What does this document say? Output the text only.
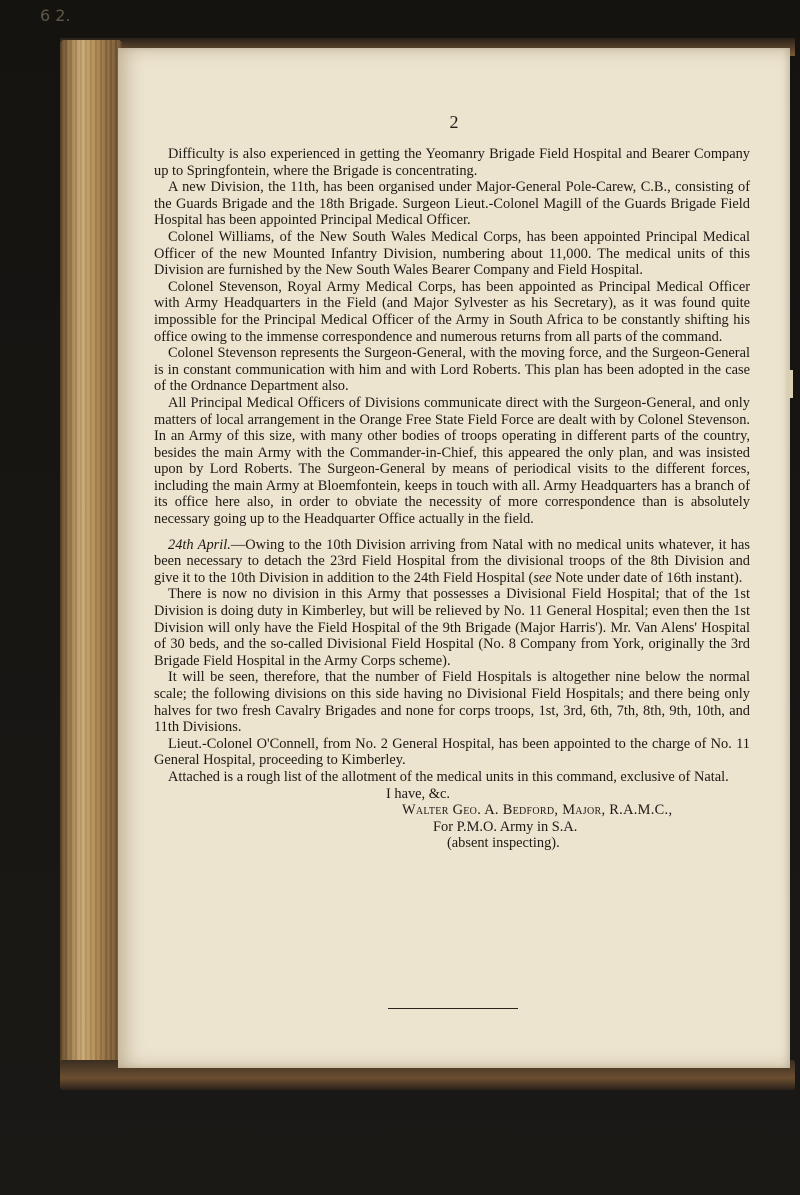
6 2.
2

Difficulty is also experienced in getting the Yeomanry Brigade Field Hospital and Bearer Company up to Springfontein, where the Brigade is concentrating.

A new Division, the 11th, has been organised under Major-General Pole-Carew, C.B., consisting of the Guards Brigade and the 18th Brigade. Surgeon Lieut.-Colonel Magill of the Guards Brigade Field Hospital has been appointed Principal Medical Officer.

Colonel Williams, of the New South Wales Medical Corps, has been appointed Principal Medical Officer of the new Mounted Infantry Division, numbering about 11,000. The medical units of this Division are furnished by the New South Wales Bearer Company and Field Hospital.

Colonel Stevenson, Royal Army Medical Corps, has been appointed as Principal Medical Officer with Army Headquarters in the Field (and Major Sylvester as his Secretary), as it was found quite impossible for the Principal Medical Officer of the Army in South Africa to be constantly shifting his office owing to the immense correspondence and numerous returns from all parts of the command.

Colonel Stevenson represents the Surgeon-General, with the moving force, and the Surgeon-General is in constant communication with him and with Lord Roberts. This plan has been adopted in the case of the Ordnance Department also.

All Principal Medical Officers of Divisions communicate direct with the Surgeon-General, and only matters of local arrangement in the Orange Free State Field Force are dealt with by Colonel Stevenson. In an Army of this size, with many other bodies of troops operating in different parts of the country, besides the main Army with the Commander-in-Chief, this appeared the only plan, and was insisted upon by Lord Roberts. The Surgeon-General by means of periodical visits to the different forces, including the main Army at Bloemfontein, keeps in touch with all. Army Headquarters has a branch of its office here also, in order to obviate the necessity of more correspondence than is absolutely necessary going up to the Headquarter Office actually in the field.

24th April.—Owing to the 10th Division arriving from Natal with no medical units whatever, it has been necessary to detach the 23rd Field Hospital from the divisional troops of the 8th Division and give it to the 10th Division in addition to the 24th Field Hospital (see Note under date of 16th instant).

There is now no division in this Army that possesses a Divisional Field Hospital; that of the 1st Division is doing duty in Kimberley, but will be relieved by No. 11 General Hospital; even then the 1st Division will only have the Field Hospital of the 9th Brigade (Major Harris'). Mr. Van Alens' Hospital of 30 beds, and the so-called Divisional Field Hospital (No. 8 Company from York, originally the 3rd Brigade Field Hospital in the Army Corps scheme).

It will be seen, therefore, that the number of Field Hospitals is altogether nine below the normal scale; the following divisions on this side having no Divisional Field Hospitals; and there being only halves for two fresh Cavalry Brigades and none for corps troops, 1st, 3rd, 6th, 7th, 8th, 9th, 10th, and 11th Divisions.

Lieut.-Colonel O'Connell, from No. 2 General Hospital, has been appointed to the charge of No. 11 General Hospital, proceeding to Kimberley.

Attached is a rough list of the allotment of the medical units in this command, exclusive of Natal.

I have, &c.
Walter Geo. A. Bedford, Major, R.A.M.C.,
For P.M.O. Army in S.A.
(absent inspecting).
